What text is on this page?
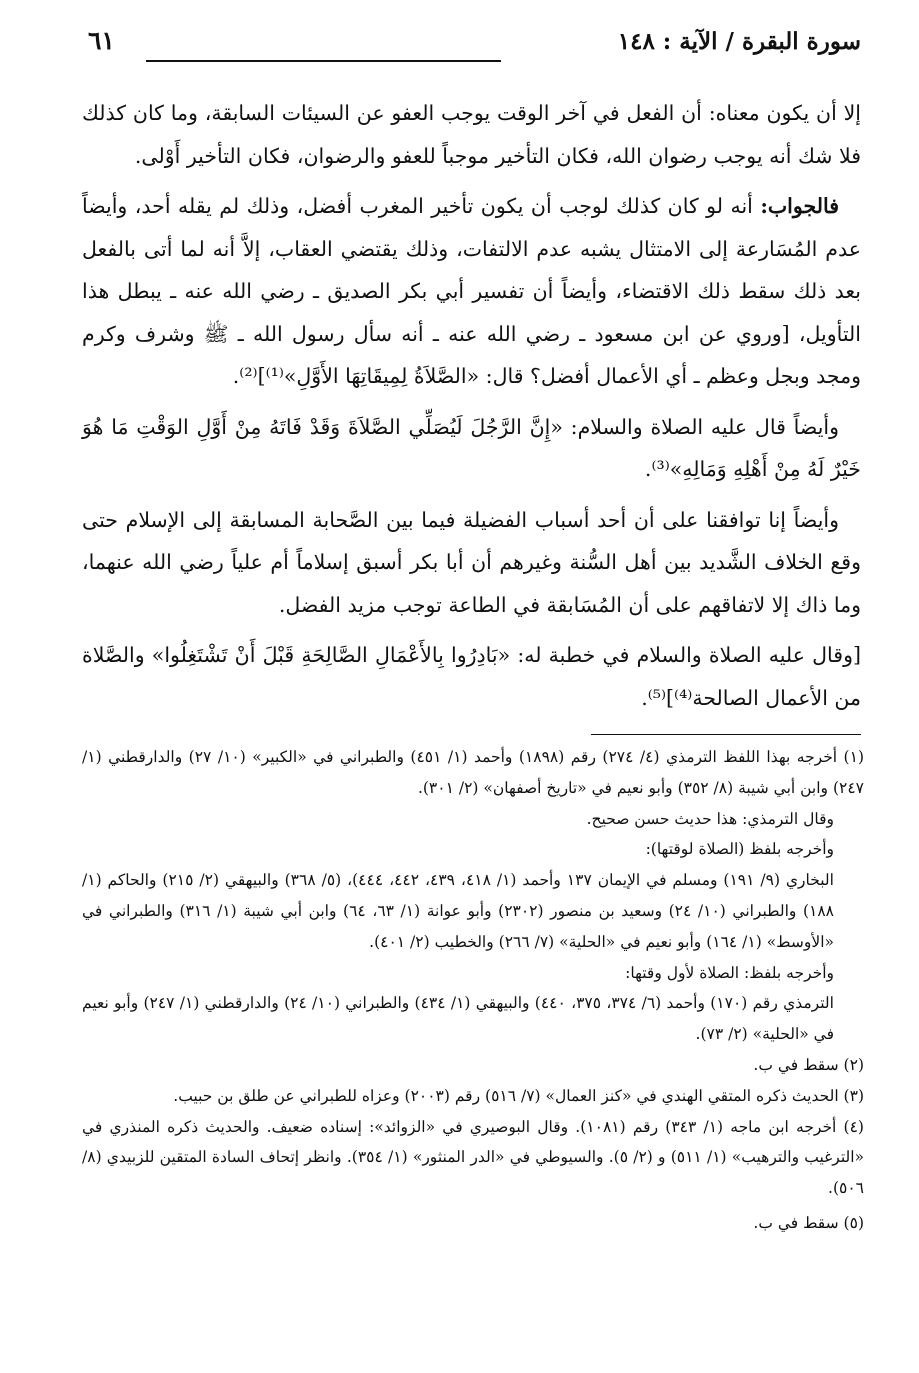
سورة البقرة / الآية : ١٤٨
٦١

إلا أن يكون معناه: أن الفعل في آخر الوقت يوجب العفو عن السيئات السابقة، وما كان كذلك فلا شك أنه يوجب رضوان الله، فكان التأخير موجباً للعفو والرضوان، فكان التأخير أَوْلى.

فالجواب: أنه لو كان كذلك لوجب أن يكون تأخير المغرب أفضل، وذلك لم يقله أحد، وأيضاً عدم المُسَارعة إلى الامتثال يشبه عدم الالتفات، وذلك يقتضي العقاب، إلاَّ أنه لما أتى بالفعل بعد ذلك سقط ذلك الاقتضاء، وأيضاً أن تفسير أبي بكر الصديق ـ رضي الله عنه ـ يبطل هذا التأويل، [وروي عن ابن مسعود ـ رضي الله عنه ـ أنه سأل رسول الله ـ ﷺ وشرف وكرم ومجد وبجل وعظم ـ أي الأعمال أفضل؟ قال: «الصَّلاَةُ لِمِيقَاتِهَا الأَوَّلِ»⁽¹⁾]⁽²⁾.

وأيضاً قال عليه الصلاة والسلام: «إِنَّ الرَّجُلَ لَيُصَلِّي الصَّلاَةَ وَقَدْ فَاتَهُ مِنْ أَوَّلِ الوَقْتِ مَا هُوَ خَيْرٌ لَهُ مِنْ أَهْلِهِ وَمَالِهِ»⁽³⁾.

وأيضاً إنا توافقنا على أن أحد أسباب الفضيلة فيما بين الصَّحابة المسابقة إلى الإسلام حتى وقع الخلاف الشَّديد بين أهل السُّنة وغيرهم أن أبا بكر أسبق إسلاماً أم علياً رضي الله عنهما، وما ذاك إلا لاتفاقهم على أن المُسَابقة في الطاعة توجب مزيد الفضل.

[وقال عليه الصلاة والسلام في خطبة له: «بَادِرُوا بِالأَعْمَالِ الصَّالِحَةِ قَبْلَ أَنْ تَشْتَغِلُوا» والصَّلاة من الأعمال الصالحة⁽⁴⁾]⁽⁵⁾.

(١) أخرجه بهذا اللفظ الترمذي (٤/ ٢٧٤) رقم (١٨٩٨) وأحمد (١/ ٤٥١) والطبراني في «الكبير» (١٠/ ٢٧) والدارقطني (١/ ٢٤٧) وابن أبي شيبة (٨/ ٣٥٢) وأبو نعيم في «تاريخ أصفهان» (٢/ ٣٠١).
وقال الترمذي: هذا حديث حسن صحيح.
وأخرجه بلفظ (الصلاة لوقتها):
البخاري (٩/ ١٩١) ومسلم في الإيمان ١٣٧ وأحمد (١/ ٤١٨، ٤٣٩، ٤٤٢، ٤٤٤)، (٥/ ٣٦٨) والبيهقي (٢/ ٢١٥) والحاكم (١/ ١٨٨) والطبراني (١٠/ ٢٤) وسعيد بن منصور (٢٣٠٢) وأبو عوانة (١/ ٦٣، ٦٤) وابن أبي شيبة (١/ ٣١٦) والطبراني في «الأوسط» (١/ ١٦٤) وأبو نعيم في «الحلية» (٧/ ٢٦٦) والخطيب (٢/ ٤٠١).
وأخرجه بلفظ: الصلاة لأول وقتها:
الترمذي رقم (١٧٠) وأحمد (٦/ ٣٧٤، ٣٧٥، ٤٤٠) والبيهقي (١/ ٤٣٤) والطبراني (١٠/ ٢٤) والدارقطني (١/ ٢٤٧) وأبو نعيم في «الحلية» (٢/ ٧٣).
(٢) سقط في ب.
(٣) الحديث ذكره المتقي الهندي في «كنز العمال» (٧/ ٥١٦) رقم (٢٠٠٣) وعزاه للطبراني عن طلق بن حبيب.
(٤) أخرجه ابن ماجه (١/ ٣٤٣) رقم (١٠٨١). وقال البوصيري في «الزوائد»: إسناده ضعيف. والحديث ذكره المنذري في «الترغيب والترهيب» (١/ ٥١١) و (٢/ ٥). والسيوطي في «الدر المنثور» (١/ ٣٥٤). وانظر إتحاف السادة المتقين للزبيدي (٨/ ٥٠٦).
(٥) سقط في ب.
